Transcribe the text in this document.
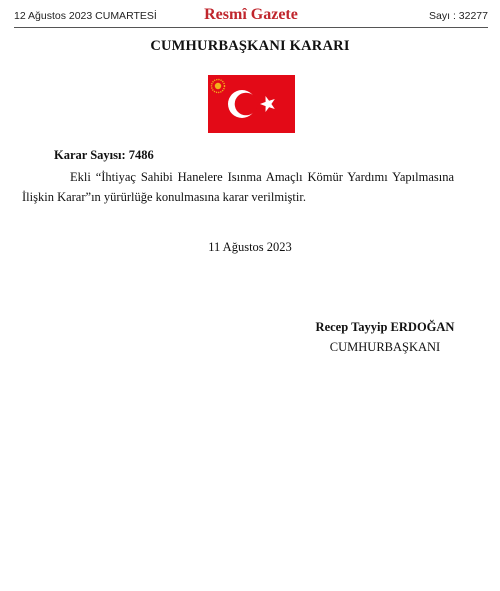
12 Ağustos 2023 CUMARTESİ	Resmî Gazete	Sayı : 32277
CUMHURBAŞKANI KARARI
Karar Sayısı: 7486

Ekli “İhtiyaç Sahibi Hanelere Isınma Amaçlı Kömür Yardımı Yapılmasına İlişkin Karar”ın yürürlüğe konulmasına karar verilmiştir.

11 Ağustos 2023
Recep Tayyip ERDOĞAN
CUMHURBAŞKANI
